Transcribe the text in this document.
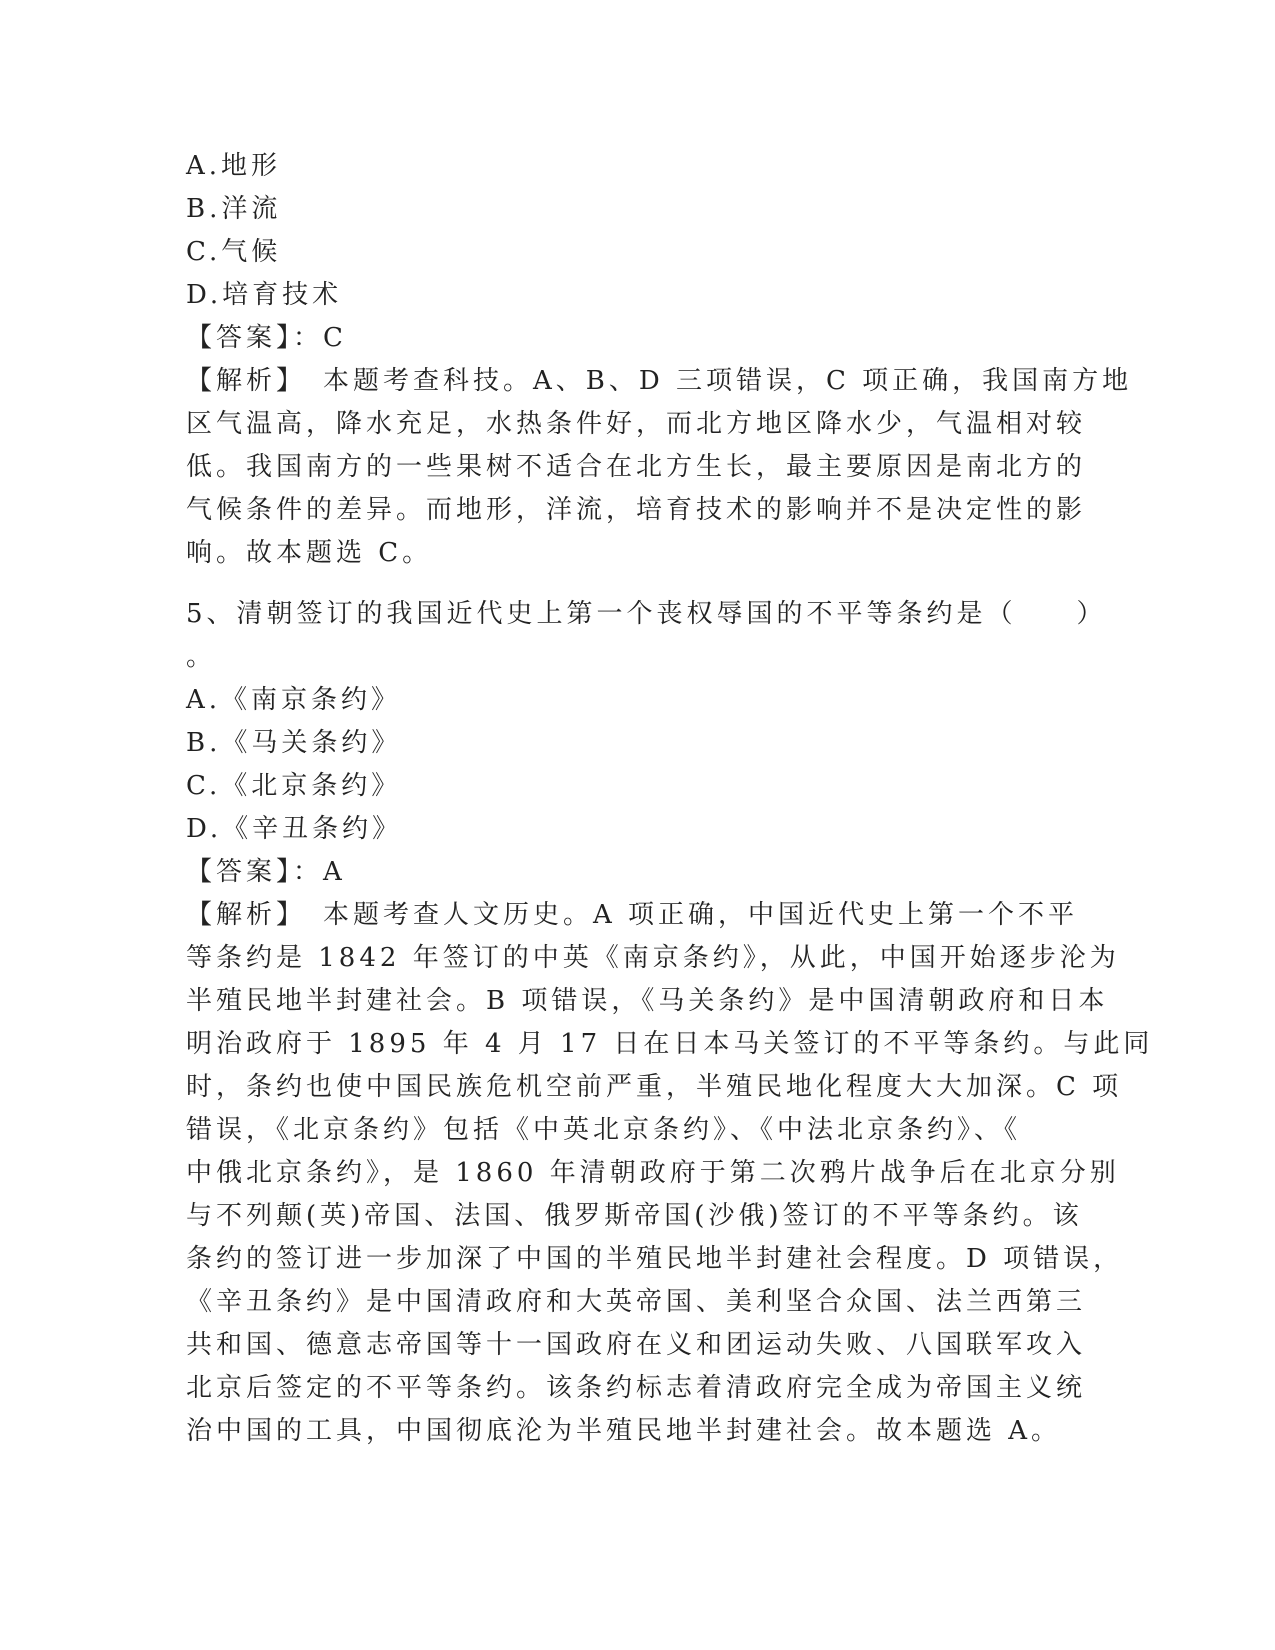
A.地形
B.洋流
C.气候
D.培育技术
【答案】：C
【解析】　本题考查科技。A、B、D 三项错误，C 项正确，我国南方地
区气温高，降水充足，水热条件好，而北方地区降水少，气温相对较
低。我国南方的一些果树不适合在北方生长，最主要原因是南北方的
气候条件的差异。而地形，洋流，培育技术的影响并不是决定性的影
响。故本题选 C。
5、清朝签订的我国近代史上第一个丧权辱国的不平等条约是（　　）
。
A.《南京条约》
B.《马关条约》
C.《北京条约》
D.《辛丑条约》
【答案】：A
【解析】　本题考查人文历史。A 项正确，中国近代史上第一个不平
等条约是 1842 年签订的中英《南京条约》，从此，中国开始逐步沦为
半殖民地半封建社会。B 项错误，《马关条约》是中国清朝政府和日本
明治政府于 1895 年 4 月 17 日在日本马关签订的不平等条约。与此同
时，条约也使中国民族危机空前严重，半殖民地化程度大大加深。C 项
错误，《北京条约》包括《中英北京条约》、《中法北京条约》、《
中俄北京条约》，是 1860 年清朝政府于第二次鸦片战争后在北京分别
与不列颠(英)帝国、法国、俄罗斯帝国(沙俄)签订的不平等条约。该
条约的签订进一步加深了中国的半殖民地半封建社会程度。D 项错误，
《辛丑条约》是中国清政府和大英帝国、美利坚合众国、法兰西第三
共和国、德意志帝国等十一国政府在义和团运动失败、八国联军攻入
北京后签定的不平等条约。该条约标志着清政府完全成为帝国主义统
治中国的工具，中国彻底沦为半殖民地半封建社会。故本题选 A。
